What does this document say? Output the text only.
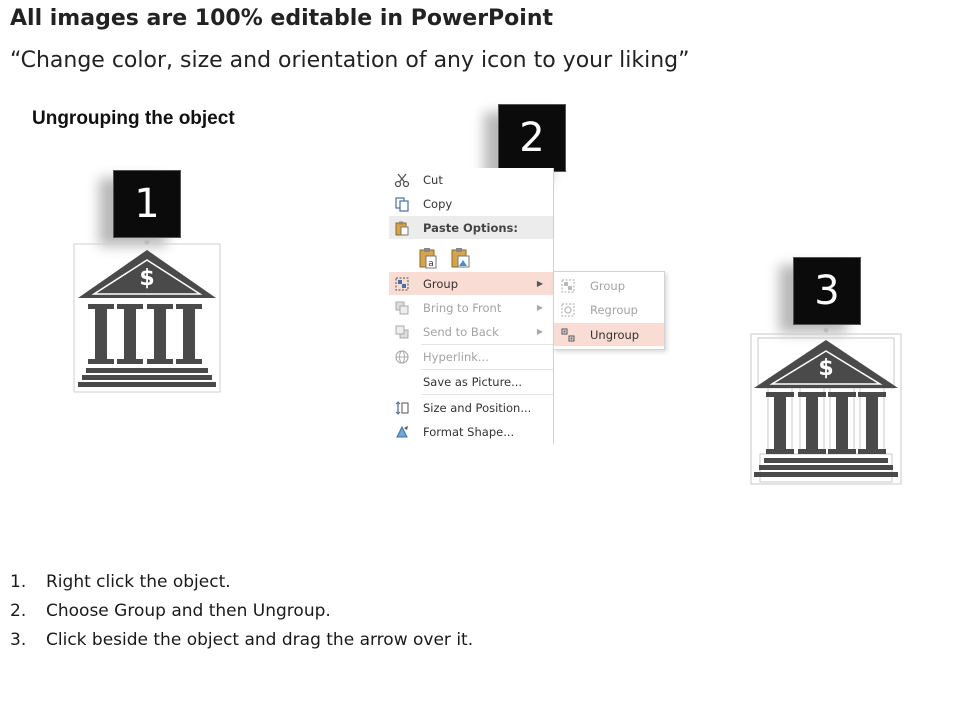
All images are 100% editable in PowerPoint
“Change color, size and orientation of any icon to your liking”
Ungrouping the object
1
$
2
Cut
Copy
Paste Options:
a
Group	▶
Bring to Front	▶
Send to Back	▶
Hyperlink...
Save as Picture...
Size and Position...
Format Shape...
Group
Regroup
Ungroup
3
$
1. Right click the object.
2. Choose Group and then Ungroup.
3. Click beside the object and drag the arrow over it.
